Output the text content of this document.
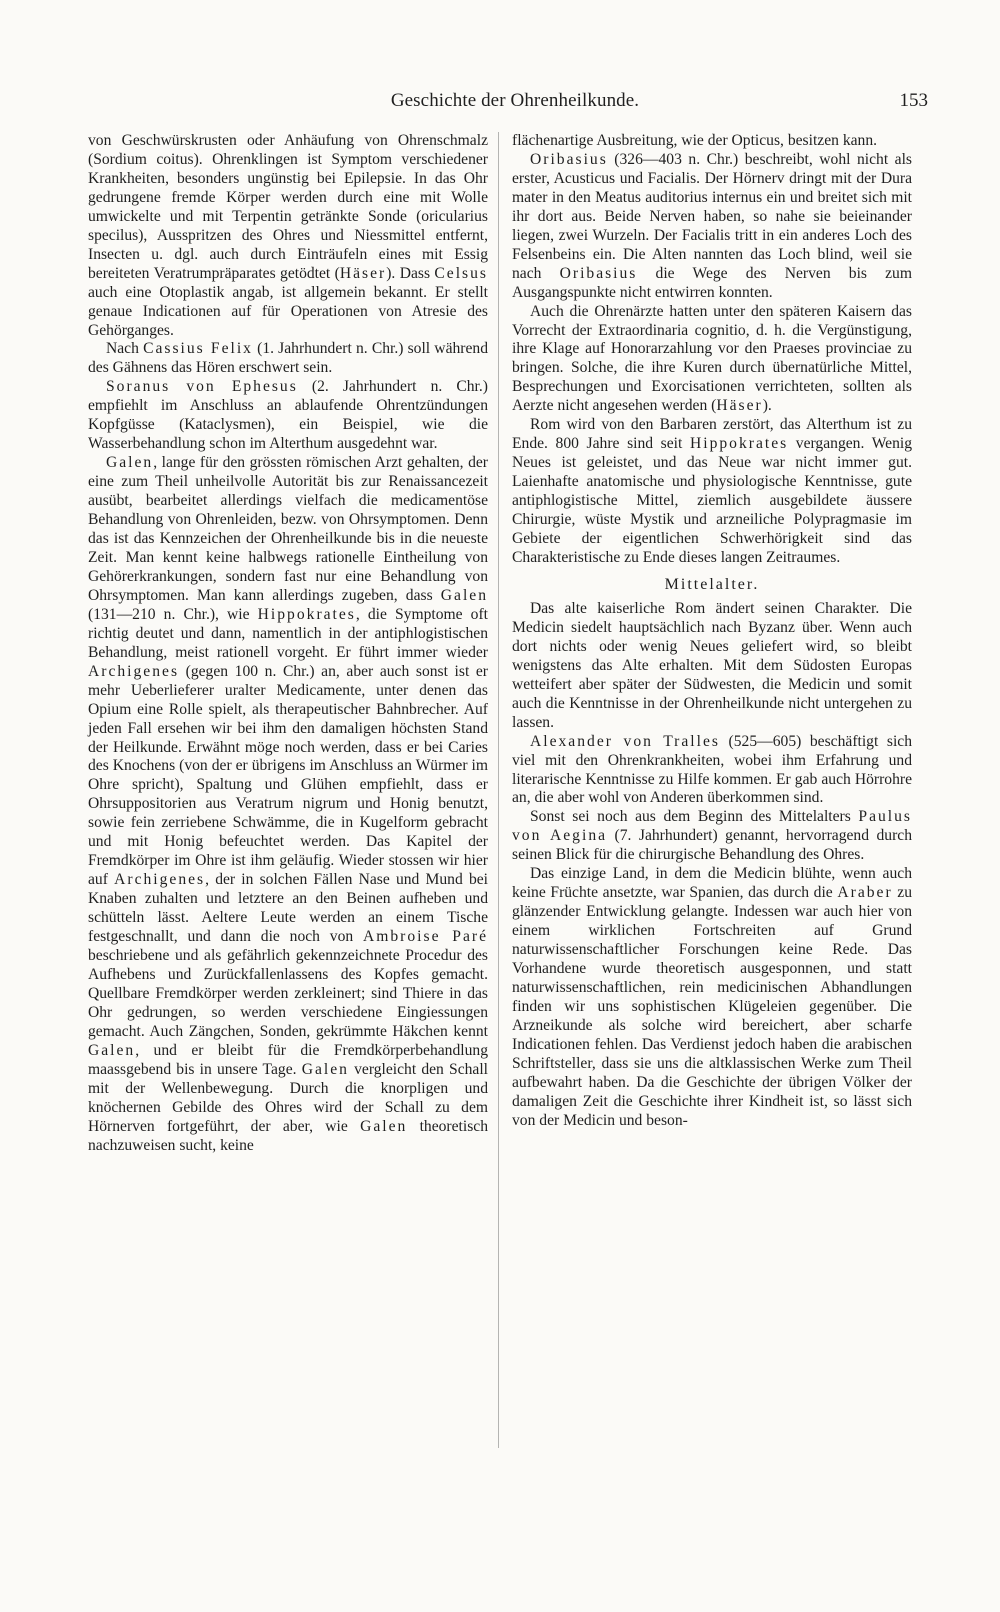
Geschichte der Ohrenheilkunde.	153

von Geschwürskrusten oder Anhäufung von Ohrenschmalz (Sordium coitus). Ohrenklingen ist Symptom verschiedener Krankheiten, besonders ungünstig bei Epilepsie. In das Ohr gedrungene fremde Körper werden durch eine mit Wolle umwickelte und mit Terpentin getränkte Sonde (oricularius specilus), Ausspritzen des Ohres und Niessmittel entfernt, Insecten u. dgl. auch durch Einträufeln eines mit Essig bereiteten Veratrumpräparates getödtet (Häser). Dass Celsus auch eine Otoplastik angab, ist allgemein bekannt. Er stellt genaue Indicationen auf für Operationen von Atresie des Gehörganges.

Nach Cassius Felix (1. Jahrhundert n. Chr.) soll während des Gähnens das Hören erschwert sein.

Soranus von Ephesus (2. Jahrhundert n. Chr.) empfiehlt im Anschluss an ablaufende Ohrentzündungen Kopfgüsse (Kataclysmen), ein Beispiel, wie die Wasserbehandlung schon im Alterthum ausgedehnt war.

Galen, lange für den grössten römischen Arzt gehalten, der eine zum Theil unheilvolle Autorität bis zur Renaissancezeit ausübt, bearbeitet allerdings vielfach die medicamentöse Behandlung von Ohrenleiden, bezw. von Ohrsymptomen. Denn das ist das Kennzeichen der Ohrenheilkunde bis in die neueste Zeit. Man kennt keine halbwegs rationelle Eintheilung von Gehörerkrankungen, sondern fast nur eine Behandlung von Ohrsymptomen. Man kann allerdings zugeben, dass Galen (131—210 n. Chr.), wie Hippokrates, die Symptome oft richtig deutet und dann, namentlich in der antiphlogistischen Behandlung, meist rationell vorgeht. Er führt immer wieder Archigenes (gegen 100 n. Chr.) an, aber auch sonst ist er mehr Ueberlieferer uralter Medicamente, unter denen das Opium eine Rolle spielt, als therapeutischer Bahnbrecher. Auf jeden Fall ersehen wir bei ihm den damaligen höchsten Stand der Heilkunde. Erwähnt möge noch werden, dass er bei Caries des Knochens (von der er übrigens im Anschluss an Würmer im Ohre spricht), Spaltung und Glühen empfiehlt, dass er Ohrsuppositorien aus Veratrum nigrum und Honig benutzt, sowie fein zerriebene Schwämme, die in Kugelform gebracht und mit Honig befeuchtet werden. Das Kapitel der Fremdkörper im Ohre ist ihm geläufig. Wieder stossen wir hier auf Archigenes, der in solchen Fällen Nase und Mund bei Knaben zuhalten und letztere an den Beinen aufheben und schütteln lässt. Aeltere Leute werden an einem Tische festgeschnallt, und dann die noch von Ambroise Paré beschriebene und als gefährlich gekennzeichnete Procedur des Aufhebens und Zurückfallenlassens des Kopfes gemacht. Quellbare Fremdkörper werden zerkleinert; sind Thiere in das Ohr gedrungen, so werden verschiedene Eingiessungen gemacht. Auch Zängchen, Sonden, gekrümmte Häkchen kennt Galen, und er bleibt für die Fremdkörperbehandlung maassgebend bis in unsere Tage. Galen vergleicht den Schall mit der Wellenbewegung. Durch die knorpligen und knöchernen Gebilde des Ohres wird der Schall zu dem Hörnerven fortgeführt, der aber, wie Galen theoretisch nachzuweisen sucht, keine

flächenartige Ausbreitung, wie der Opticus, besitzen kann.

Oribasius (326—403 n. Chr.) beschreibt, wohl nicht als erster, Acusticus und Facialis. Der Hörnerv dringt mit der Dura mater in den Meatus auditorius internus ein und breitet sich mit ihr dort aus. Beide Nerven haben, so nahe sie beieinander liegen, zwei Wurzeln. Der Facialis tritt in ein anderes Loch des Felsenbeins ein. Die Alten nannten das Loch blind, weil sie nach Oribasius die Wege des Nerven bis zum Ausgangspunkte nicht entwirren konnten.

Auch die Ohrenärzte hatten unter den späteren Kaisern das Vorrecht der Extraordinaria cognitio, d. h. die Vergünstigung, ihre Klage auf Honorarzahlung vor den Praeses provinciae zu bringen. Solche, die ihre Kuren durch übernatürliche Mittel, Besprechungen und Exorcisationen verrichteten, sollten als Aerzte nicht angesehen werden (Häser).

Rom wird von den Barbaren zerstört, das Alterthum ist zu Ende. 800 Jahre sind seit Hippokrates vergangen. Wenig Neues ist geleistet, und das Neue war nicht immer gut. Laienhafte anatomische und physiologische Kenntnisse, gute antiphlogistische Mittel, ziemlich ausgebildete äussere Chirurgie, wüste Mystik und arzneiliche Polypragmasie im Gebiete der eigentlichen Schwerhörigkeit sind das Charakteristische zu Ende dieses langen Zeitraumes.

Mittelalter.

Das alte kaiserliche Rom ändert seinen Charakter. Die Medicin siedelt hauptsächlich nach Byzanz über. Wenn auch dort nichts oder wenig Neues geliefert wird, so bleibt wenigstens das Alte erhalten. Mit dem Südosten Europas wetteifert aber später der Südwesten, die Medicin und somit auch die Kenntnisse in der Ohrenheilkunde nicht untergehen zu lassen.

Alexander von Tralles (525—605) beschäftigt sich viel mit den Ohrenkrankheiten, wobei ihm Erfahrung und literarische Kenntnisse zu Hilfe kommen. Er gab auch Hörrohre an, die aber wohl von Anderen überkommen sind.

Sonst sei noch aus dem Beginn des Mittelalters Paulus von Aegina (7. Jahrhundert) genannt, hervorragend durch seinen Blick für die chirurgische Behandlung des Ohres.

Das einzige Land, in dem die Medicin blühte, wenn auch keine Früchte ansetzte, war Spanien, das durch die Araber zu glänzender Entwicklung gelangte. Indessen war auch hier von einem wirklichen Fortschreiten auf Grund naturwissenschaftlicher Forschungen keine Rede. Das Vorhandene wurde theoretisch ausgesponnen, und statt naturwissenschaftlichen, rein medicinischen Abhandlungen finden wir uns sophistischen Klügeleien gegenüber. Die Arzneikunde als solche wird bereichert, aber scharfe Indicationen fehlen. Das Verdienst jedoch haben die arabischen Schriftsteller, dass sie uns die altklassischen Werke zum Theil aufbewahrt haben. Da die Geschichte der übrigen Völker der damaligen Zeit die Geschichte ihrer Kindheit ist, so lässt sich von der Medicin und beson-
